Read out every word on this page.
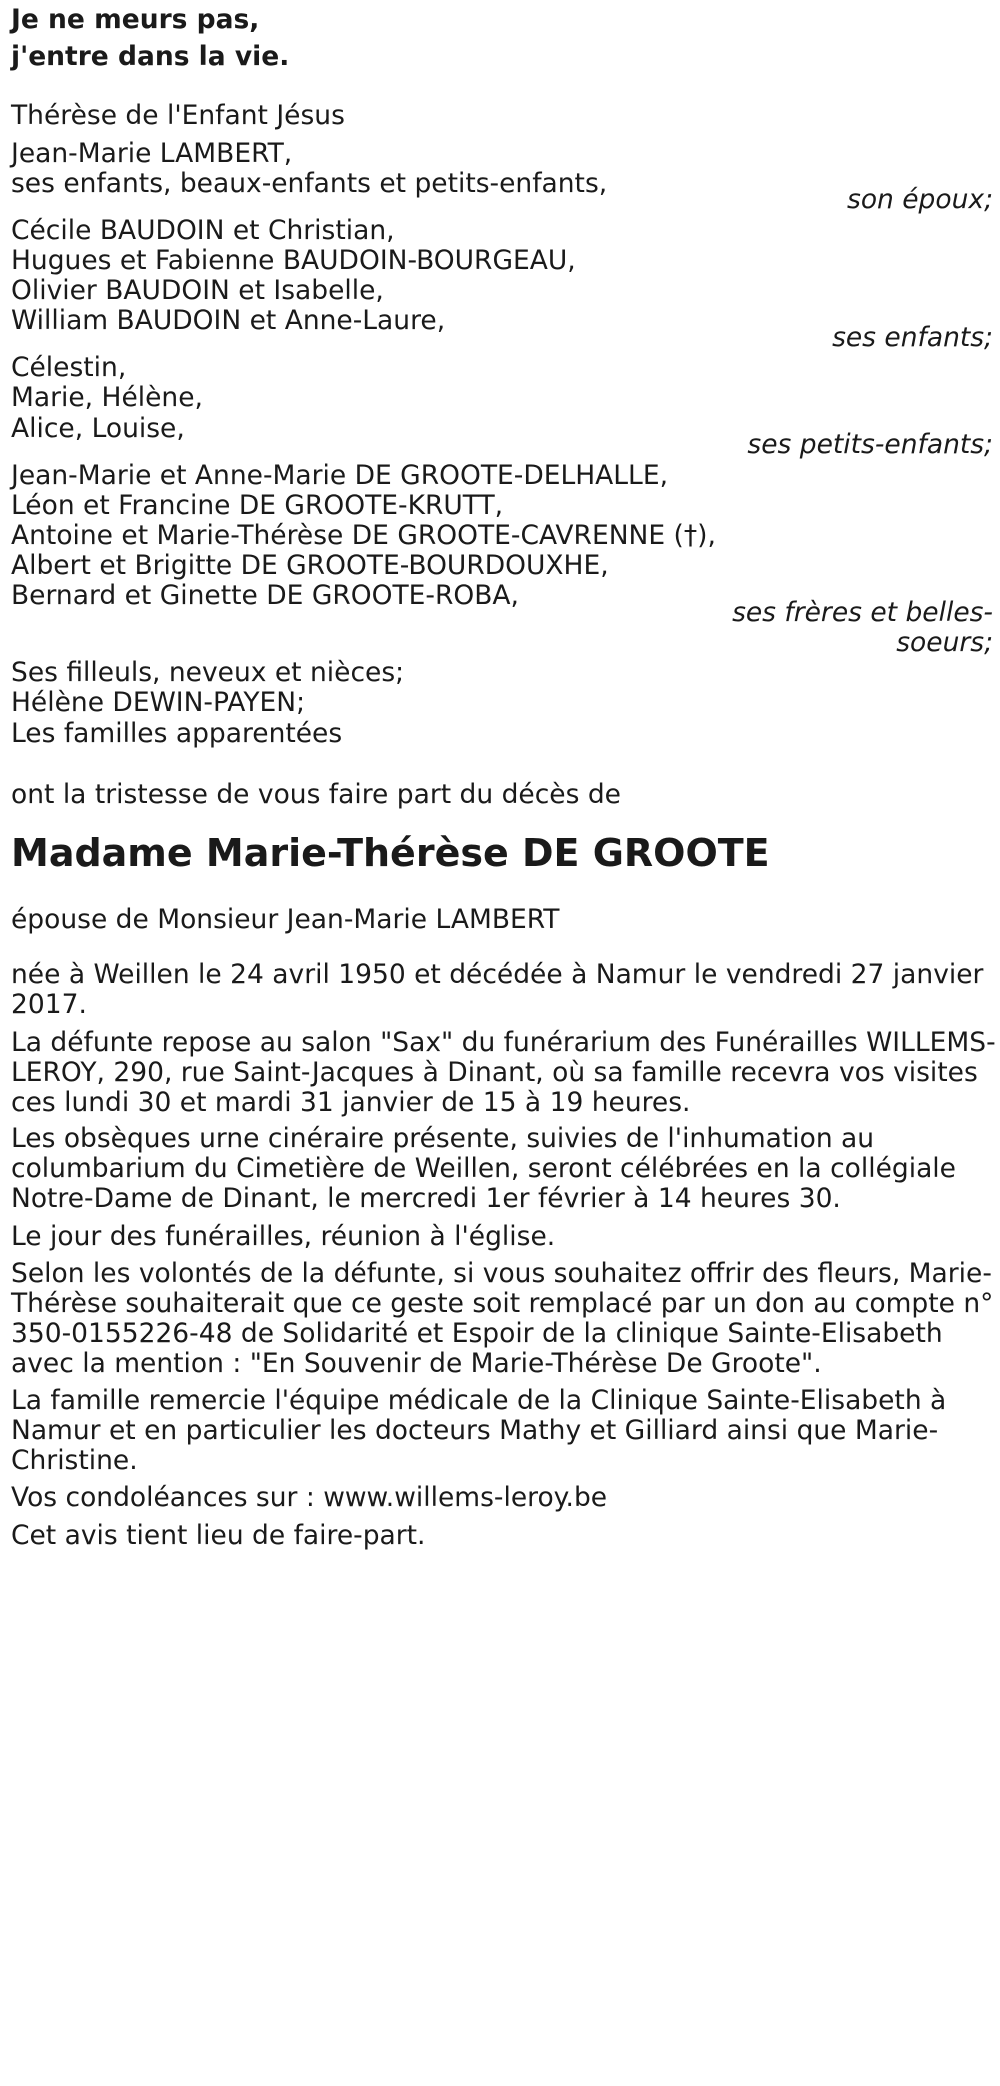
Je ne meurs pas,
j'entre dans la vie.
Thérèse de l'Enfant Jésus
Jean-Marie LAMBERT,
ses enfants, beaux-enfants et petits-enfants,
son époux;
Cécile BAUDOIN et Christian,
Hugues et Fabienne BAUDOIN-BOURGEAU,
Olivier BAUDOIN et Isabelle,
William BAUDOIN et Anne-Laure,
ses enfants;
Célestin,
Marie, Hélène,
Alice, Louise,
ses petits-enfants;
Jean-Marie et Anne-Marie DE GROOTE-DELHALLE,
Léon et Francine DE GROOTE-KRUTT,
Antoine et Marie-Thérèse DE GROOTE-CAVRENNE (†),
Albert et Brigitte DE GROOTE-BOURDOUXHE,
Bernard et Ginette DE GROOTE-ROBA,
ses frères et belles-
soeurs;
Ses filleuls, neveux et nièces;
Hélène DEWIN-PAYEN;
Les familles apparentées
ont la tristesse de vous faire part du décès de
Madame Marie-Thérèse DE GROOTE
épouse de Monsieur Jean-Marie LAMBERT
née à Weillen le 24 avril 1950 et décédée à Namur le vendredi 27 janvier 2017.
La défunte repose au salon "Sax" du funérarium des Funérailles WILLEMS-LEROY, 290, rue Saint-Jacques à Dinant, où sa famille recevra vos visites ces lundi 30 et mardi 31 janvier de 15 à 19 heures.
Les obsèques urne cinéraire présente, suivies de l'inhumation au columbarium du Cimetière de Weillen, seront célébrées en la collégiale Notre-Dame de Dinant, le mercredi 1er février à 14 heures 30.
Le jour des funérailles, réunion à l'église.
Selon les volontés de la défunte, si vous souhaitez offrir des fleurs, Marie-Thérèse souhaiterait que ce geste soit remplacé par un don au compte n° 350-0155226-48 de Solidarité et Espoir de la clinique Sainte-Elisabeth avec la mention : "En Souvenir de Marie-Thérèse De Groote".
La famille remercie l'équipe médicale de la Clinique Sainte-Elisabeth à Namur et en particulier les docteurs Mathy et Gilliard ainsi que Marie-Christine.
Vos condoléances sur : www.willems-leroy.be
Cet avis tient lieu de faire-part.
